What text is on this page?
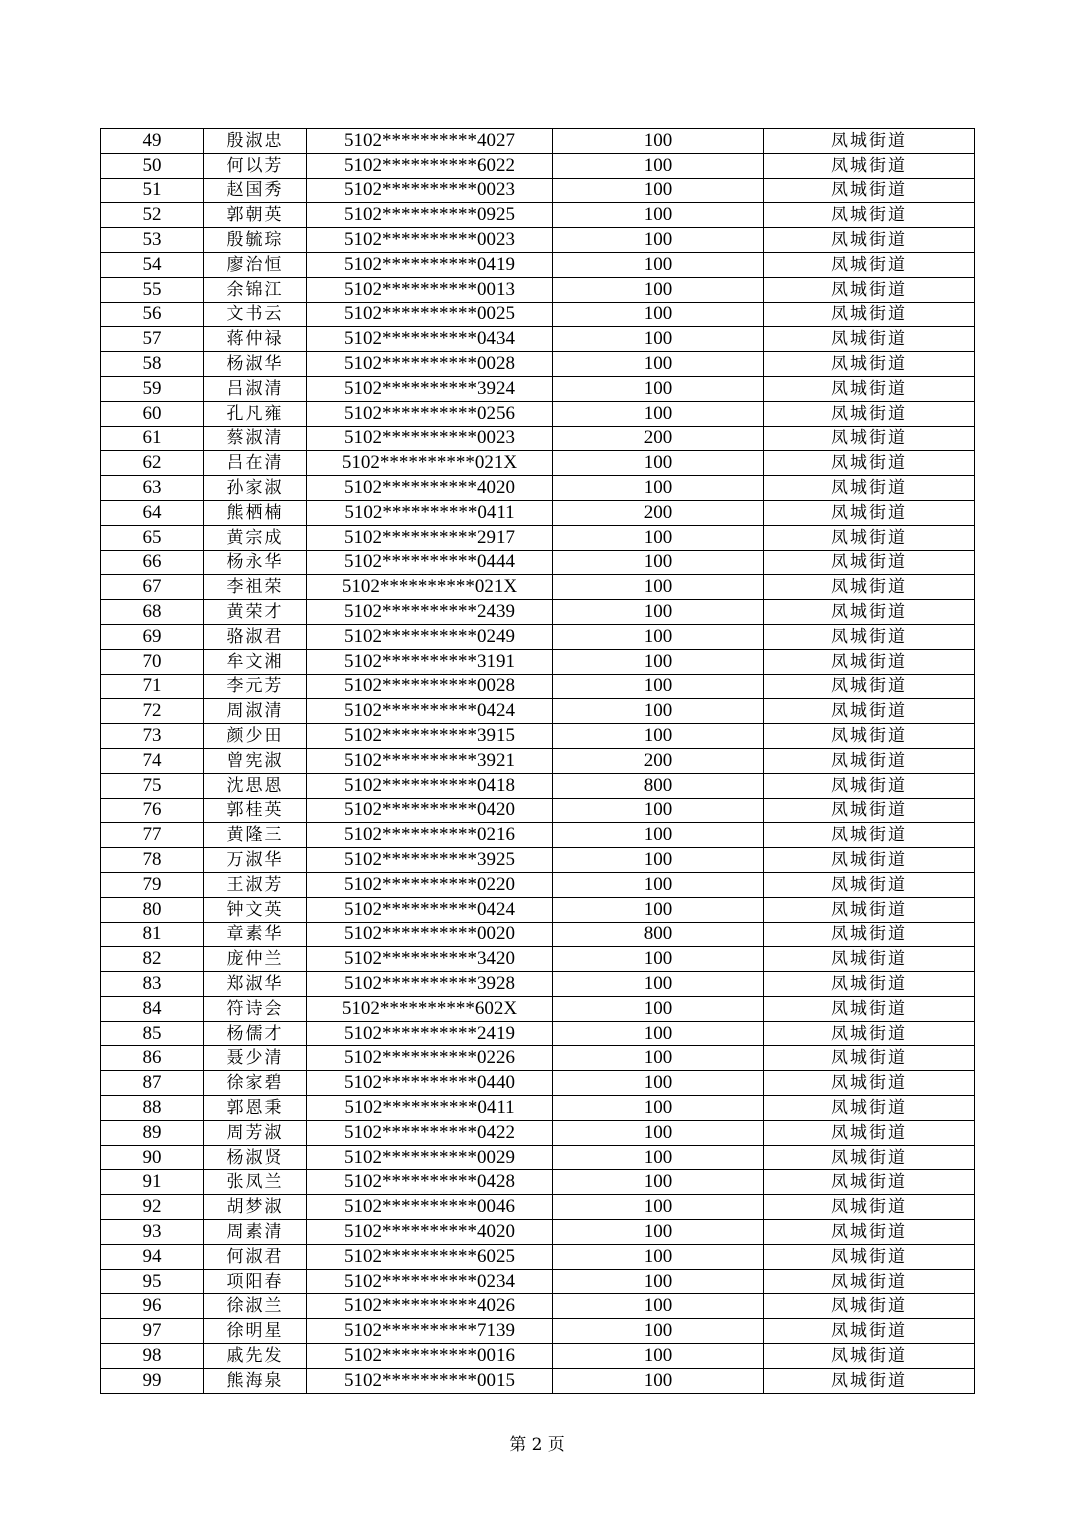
49	殷淑忠	5102**********4027	100	凤城街道
50	何以芳	5102**********6022	100	凤城街道
51	赵国秀	5102**********0023	100	凤城街道
52	郭朝英	5102**********0925	100	凤城街道
53	殷毓琮	5102**********0023	100	凤城街道
54	廖治恒	5102**********0419	100	凤城街道
55	余锦江	5102**********0013	100	凤城街道
56	文书云	5102**********0025	100	凤城街道
57	蒋仲禄	5102**********0434	100	凤城街道
58	杨淑华	5102**********0028	100	凤城街道
59	吕淑清	5102**********3924	100	凤城街道
60	孔凡雍	5102**********0256	100	凤城街道
61	蔡淑清	5102**********0023	200	凤城街道
62	吕在清	5102**********021X	100	凤城街道
63	孙家淑	5102**********4020	100	凤城街道
64	熊栖楠	5102**********0411	200	凤城街道
65	黄宗成	5102**********2917	100	凤城街道
66	杨永华	5102**********0444	100	凤城街道
67	李祖荣	5102**********021X	100	凤城街道
68	黄荣才	5102**********2439	100	凤城街道
69	骆淑君	5102**********0249	100	凤城街道
70	牟文湘	5102**********3191	100	凤城街道
71	李元芳	5102**********0028	100	凤城街道
72	周淑清	5102**********0424	100	凤城街道
73	颜少田	5102**********3915	100	凤城街道
74	曾宪淑	5102**********3921	200	凤城街道
75	沈思恩	5102**********0418	800	凤城街道
76	郭桂英	5102**********0420	100	凤城街道
77	黄隆三	5102**********0216	100	凤城街道
78	万淑华	5102**********3925	100	凤城街道
79	王淑芳	5102**********0220	100	凤城街道
80	钟文英	5102**********0424	100	凤城街道
81	章素华	5102**********0020	800	凤城街道
82	庞仲兰	5102**********3420	100	凤城街道
83	郑淑华	5102**********3928	100	凤城街道
84	符诗会	5102**********602X	100	凤城街道
85	杨儒才	5102**********2419	100	凤城街道
86	聂少清	5102**********0226	100	凤城街道
87	徐家碧	5102**********0440	100	凤城街道
88	郭恩秉	5102**********0411	100	凤城街道
89	周芳淑	5102**********0422	100	凤城街道
90	杨淑贤	5102**********0029	100	凤城街道
91	张凤兰	5102**********0428	100	凤城街道
92	胡梦淑	5102**********0046	100	凤城街道
93	周素清	5102**********4020	100	凤城街道
94	何淑君	5102**********6025	100	凤城街道
95	项阳春	5102**********0234	100	凤城街道
96	徐淑兰	5102**********4026	100	凤城街道
97	徐明星	5102**********7139	100	凤城街道
98	戚先发	5102**********0016	100	凤城街道
99	熊海泉	5102**********0015	100	凤城街道
第 2 页
